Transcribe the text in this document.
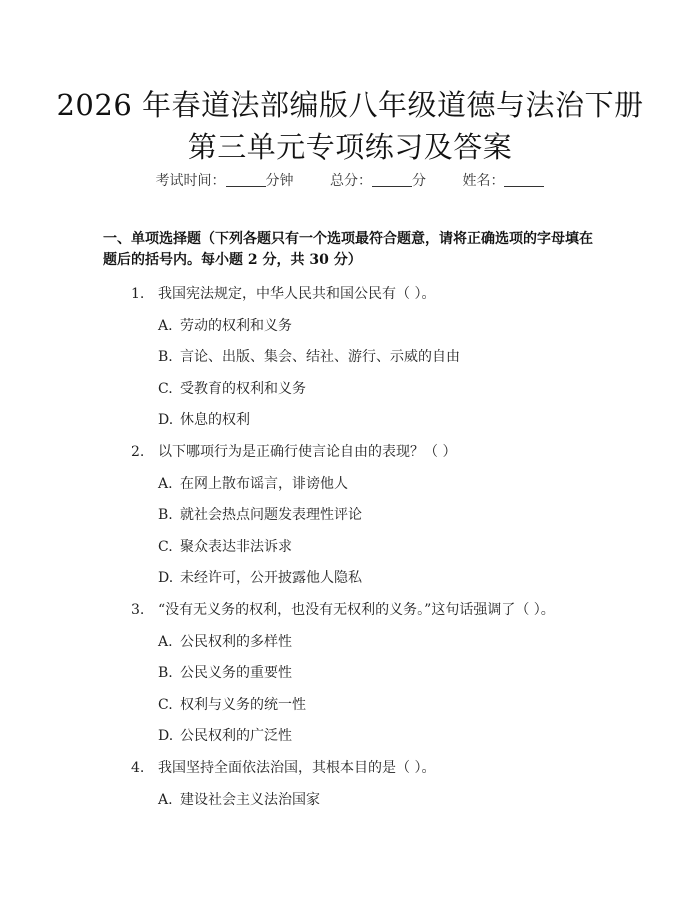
2026 年春道法部编版八年级道德与法治下册
第三单元专项练习及答案
考试时间：	分钟	总分：	分	姓名：
一、单项选择题（下列各题只有一个选项最符合题意，请将正确选项的字母填在题后的括号内。每小题 2 分，共 30 分）
1. 我国宪法规定，中华人民共和国公民有（ ）。
A. 劳动的权利和义务
B. 言论、出版、集会、结社、游行、示威的自由
C. 受教育的权利和义务
D. 休息的权利
2. 以下哪项行为是正确行使言论自由的表现？（ ）
A. 在网上散布谣言，诽谤他人
B. 就社会热点问题发表理性评论
C. 聚众表达非法诉求
D. 未经许可，公开披露他人隐私
3. “没有无义务的权利，也没有无权利的义务。”这句话强调了（ ）。
A. 公民权利的多样性
B. 公民义务的重要性
C. 权利与义务的统一性
D. 公民权利的广泛性
4. 我国坚持全面依法治国，其根本目的是（ ）。
A. 建设社会主义法治国家
